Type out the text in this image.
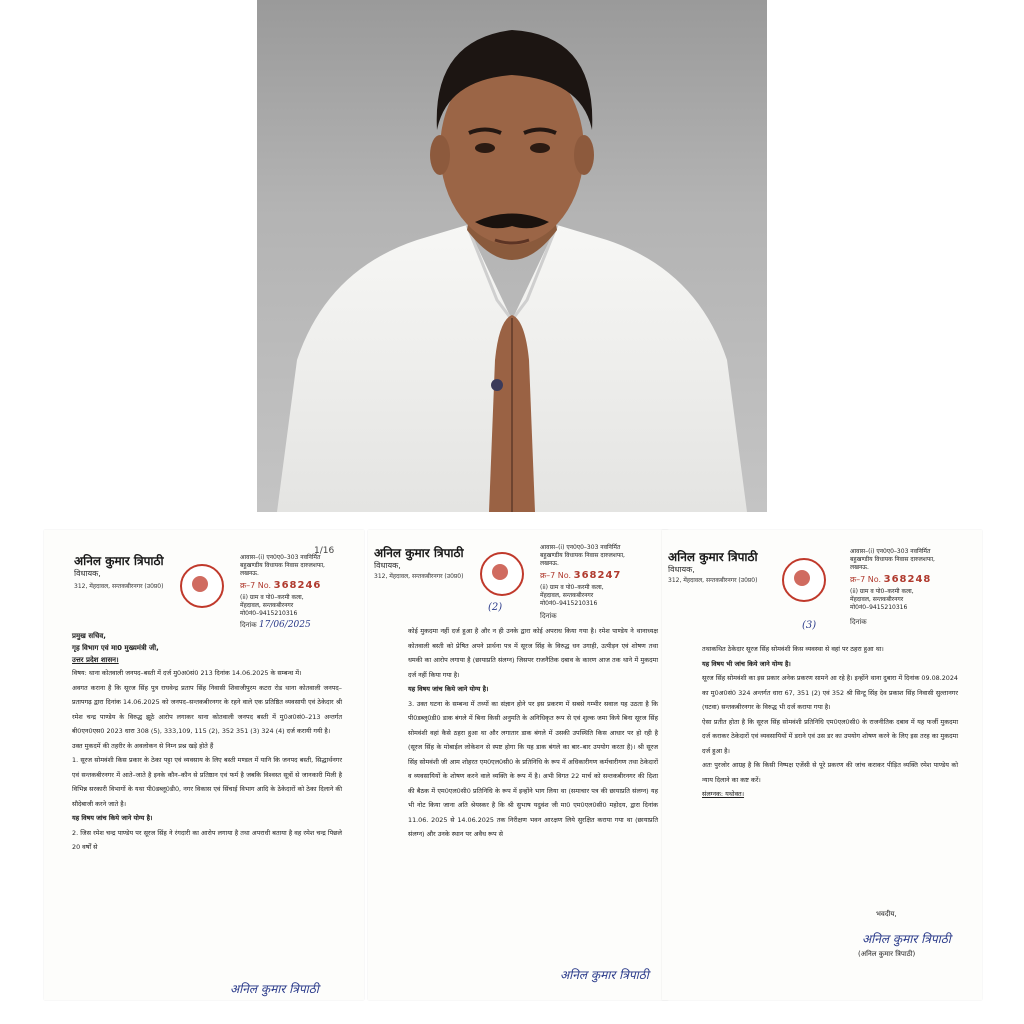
अनिल कुमार त्रिपाठी
विधायक,
312, मेंहदावल, सन्तकबीरनगर (उ0प्र0)
1/16
आवास–(i) एन0ए0–303 नवनिर्मित
बहुखण्डीय विधायक निवास दारुलशफा,
लखनऊ.
क्र–7 No. 368246
(ii) ग्राम व पो0–करमी कला,
मेंहदावल, सन्तकबीरनगर
मो0नं0–9415210316
दिनांक 17/06/2025

प्रमुख सचिव,

गृह विभाग एवं मा0 मुख्यमंत्री जी,

उत्तर प्रदेश शासन।

विषय: थाना कोतवाली जनपद–बस्ती में दर्ज मु0अ0सं0 213 दिनांक 14.06.2025 के सम्बन्ध में।

अवगत कराना है कि सूरज सिंह पुत्र राघवेन्द्र प्रताप सिंह निवासी शिवाजीपुरम कटरा रोड थाना कोतवाली जनपद–प्रतापगढ़ द्वारा दिनांक 14.06.2025 को जनपद–सन्तकबीरनगर के रहने वाले एक प्रतिष्ठित व्यवसायी एवं ठेकेदार श्री रमेश चन्द्र पाण्डेय के विरुद्ध झूठे आरोप लगाकर थाना कोतवाली जनपद बस्ती में मु0अ0सं0–213 अन्तर्गत बी0एन0एस0 2023 धारा 308 (5), 333,109, 115 (2), 352 351 (3) 324 (4) दर्ज करायी गयी है।

उक्त मुकदमें की तहरीर के अवलोकन से निम्न प्रश्न खड़े होते हैं

1. सूरज सोमवंशी किस प्रकार के ठेका पट्टा एवं व्यवसाय के लिए बस्ती मण्डल में यानि कि जनपद बस्ती, सिद्धार्थनगर एवं सन्तकबीरनगर में आते–जाते है इनके कौन–कौन से प्रतिष्ठान एवं फर्म है जबकि विश्वस्त सूत्रों से जानकारी मिली है विभिन्न सरकारी विभागों के यथा पी0डब्लू0डी0, नगर विकास एवं सिंचाई विभाग आदि के ठेकेदारों को ठेका दिलाने की सौदेबाजी करने जाते है।

यह विषय जांच किये जाने योग्य है।

2. जिस रमेश चन्द्र पाण्डेय पर सूरज सिंह ने रंगदारी का आरोप लगाया है तथा अपराधी बताया है वह रमेश चन्द्र पिछले 20 वर्षों से

अनिल कुमार त्रिपाठी
अनिल कुमार त्रिपाठी
विधायक,
312, मेंहदावल, सन्तकबीरनगर (उ0प्र0)
आवास–(i) एन0ए0–303 नवनिर्मित
बहुखण्डीय विधायक निवास दारुलशफा,
लखनऊ.
क्र–7 No. 368247
(ii) ग्राम व पो0–करमी कला,
मेंहदावल, सन्तकबीरनगर
मो0नं0–9415210316
दिनांक
(2)

कोई मुकदमा नहीं दर्ज हुआ है और न ही उनके द्वारा कोई अपराध किया गया है। रमेश पाण्डेय ने थानाध्यक्ष कोतवाली बस्ती को प्रेषित अपने प्रार्थना पत्र में सूरज सिंह के विरुद्ध धन उगाही, उत्पीड़न एवं शोषण तथा धमकी का आरोप लगाया है (छायाप्रति संलग्न) जिसपर राजनैतिक दबाव के कारण आज तक थाने में मुकदमा दर्ज नहीं किया गया है।

यह विषय जांच किये जाने योग्य है।

3. उक्त घटना के सम्बन्ध में तथ्यों का संज्ञान होने पर इस प्रकरण में सबसे गम्भीर सवाल यह उठता है कि पी0डब्लू0डी0 डाक बंगले में बिना किसी अनुमति के अनिधिकृत रूप से एवं शुल्क जमा किये बिना सूरज सिंह सोमवंशी वहां कैसे ठहरा हुआ था और लगातार डाक बंगले में उसकी उपस्थिति किस आधार पर हो रही है (सूरज सिंह के मोबाईल लोकेशन से स्पष्ट होगा कि यह डाक बंगले का बार–बार उपयोग करता है)। श्री सूरज सिंह सोमवंशी जी आम शोहरत एम0एल0सी0 के प्रतिनिधि के रूप में अधिकारीगण कर्मचारीगण तथा ठेकेदारों व व्यवसायियों के शोषण करने वाले व्यक्ति के रूप में है। अभी विगत 22 मार्च को सन्तकबीरनगर की दिशा की बैठक में एम0एल0सी0 प्रतिनिधि के रूप में इन्होंने भाग लिया था (समाचार पत्र की छायाप्रति संलग्न) यह भी नोट किया जाना अति श्रेयस्कर है कि श्री सुभाष यदुवंश जी मा0 एम0एल0सी0 महोदय, द्वारा दिनांक 11.06. 2025 से 14.06.2025 तक निरीक्षण भवन आरक्षण लिये सुरक्षित कराया गया था (छायाप्रति संलग्न) और उनके स्थान पर अवैध रूप से

अनिल कुमार त्रिपाठी
अनिल कुमार त्रिपाठी
विधायक,
312, मेंहदावल, सन्तकबीरनगर (उ0प्र0)
आवास–(i) एन0ए0–303 नवनिर्मित
बहुखण्डीय विधायक निवास दारुलशफा,
लखनऊ.
क्र–7 No. 368248
(ii) ग्राम व पो0–करमी कला,
मेंहदावल, सन्तकबीरनगर
मो0नं0–9415210316
दिनांक
(3)

तथाकथित ठेकेदार सूरज सिंह सोमवंशी किस व्यवस्था से वहां पर ठहरा हुआ था।

यह विषय भी जांच किये जाने योग्य है।

सूरज सिंह सोमवंशी का इस प्रकार अनेक प्रकरण सामने आ रहे है। इन्होंने थाना दुबारा में दिनांक 09.08.2024 का मु0अ0सं0 324 अन्तर्गत धारा 67, 351 (2) एवं 352 श्री सिन्टू सिंह देव प्रकाश सिंह निवासी सुल्तानगर (घटवा) सन्तकबीरनगर के विरुद्ध भी दर्ज कराया गया है।

ऐसा प्रतीत होता है कि सूरज सिंह सोमवंशी प्रतिनिधि एम0एल0सी0 के राजनीतिक दबाव में यह फर्जी मुकदमा दर्ज कराकर ठेकेदारों एवं व्यवसायियों में डराने एवं उस डर का उपयोग शोषण करने के लिए इस तरह का मुकदमा दर्ज हुआ है।

अतः पुरजोर आग्रह है कि किसी निष्पक्ष एजेंसी से पूरे प्रकरण की जांच कराकर पीड़ित व्यक्ति रमेश पाण्डेय को न्याय दिलाने का कष्ट करें।

संलग्नक: यथोक्त।

भवदीय,
अनिल कुमार त्रिपाठी
(अनिल कुमार त्रिपाठी)
